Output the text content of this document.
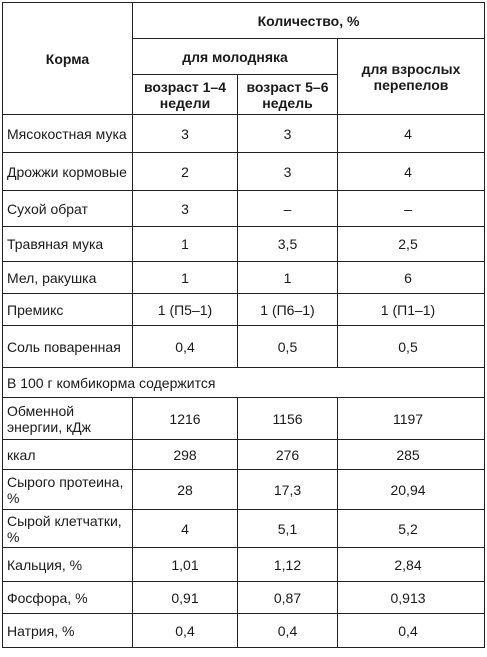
Корма	Количество, %		
	для молодняка		для взрослых перепелов
	возраст 1–4 недели	возраст 5–6 недель	
Мясокостная мука	3	3	4
Дрожжи кормовые	2	3	4
Сухой обрат	3	–	–
Травяная мука	1	3,5	2,5
Мел, ракушка	1	1	6
Премикс	1 (П5–1)	1 (П6–1)	1 (П1–1)
Соль поваренная	0,4	0,5	0,5
В 100 г комбикорма содержится			
Обменной энергии, кДж	1216	1156	1197
ккал	298	276	285
Сырого протеина, %	28	17,3	20,94
Сырой клетчатки, %	4	5,1	5,2
Кальция, %	1,01	1,12	2,84
Фосфора, %	0,91	0,87	0,913
Натрия, %	0,4	0,4	0,4
